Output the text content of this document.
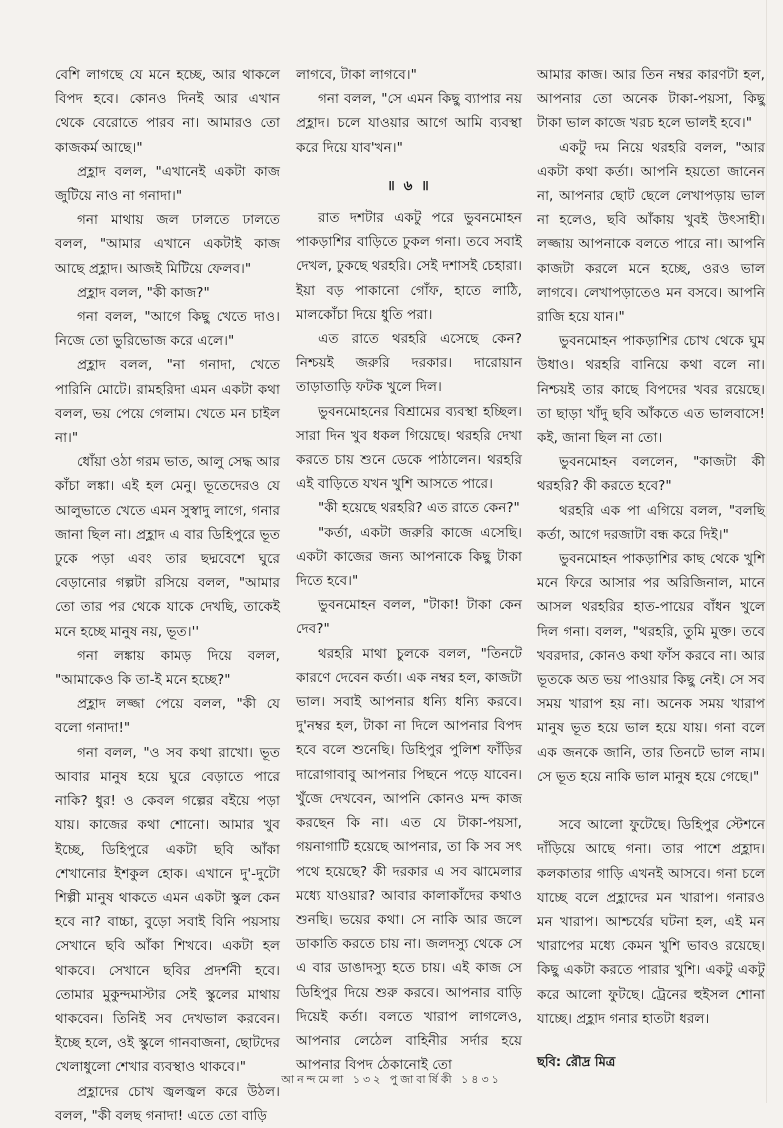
বেশি লাগছে যে মনে হচ্ছে, আর থাকলে বিপদ হবে। কোনও দিনই আর এখান থেকে বেরোতে পারব না। আমারও তো কাজকর্ম আছে।"

প্রহ্লাদ বলল, "এখানেই একটা কাজ জুটিয়ে নাও না গনাদা।"

গনা মাথায় জল ঢালতে ঢালতে বলল, "আমার এখানে একটাই কাজ আছে প্রহ্লাদ। আজই মিটিয়ে ফেলব।"

প্রহ্লাদ বলল, "কী কাজ?"

গনা বলল, "আগে কিছু খেতে দাও। নিজে তো ভুরিভোজ করে এলে।"

প্রহ্লাদ বলল, "না গনাদা, খেতে পারিনি মোটে। রামহরিদা এমন একটা কথা বলল, ভয় পেয়ে গেলাম। খেতে মন চাইল না।"

ধোঁয়া ওঠা গরম ভাত, আলু সেদ্ধ আর কাঁচা লঙ্কা। এই হল মেনু। ভূতেদেরও যে আলুভাতে খেতে এমন সুস্বাদু লাগে, গনার জানা ছিল না। প্রহ্লাদ এ বার ডিহিপুরে ভূত ঢুকে পড়া এবং তার ছদ্মবেশে ঘুরে বেড়ানোর গল্পটা রসিয়ে বলল, "আমার তো তার পর থেকে যাকে দেখছি, তাকেই মনে হচ্ছে মানুষ নয়, ভূত।''

গনা লঙ্কায় কামড় দিয়ে বলল, "আমাকেও কি তা-ই মনে হচ্ছে?"

প্রহ্লাদ লজ্জা পেয়ে বলল, "কী যে বলো গনাদা!"

গনা বলল, "ও সব কথা রাখো। ভূত আবার মানুষ হয়ে ঘুরে বেড়াতে পারে নাকি? ধুর! ও কেবল গল্পের বইয়ে পড়া যায়। কাজের কথা শোনো। আমার খুব ইচ্ছে, ডিহিপুরে একটা ছবি আঁকা শেখানোর ইশকুল হোক। এখানে দু'-দুটো শিল্পী মানুষ থাকতে এমন একটা স্কুল কেন হবে না? বাচ্চা, বুড়ো সবাই বিনি পয়সায় সেখানে ছবি আঁকা শিখবে। একটা হল থাকবে। সেখানে ছবির প্রদর্শনী হবে। তোমার মুকুন্দমাস্টার সেই স্কুলের মাথায় থাকবেন। তিনিই সব দেখভাল করবেন। ইচ্ছে হলে, ওই স্কুলে গানবাজনা, ছোটদের খেলাধুলো শেখার ব্যবস্থাও থাকবে।"

প্রহ্লাদের চোখ জ্বলজ্বল করে উঠল। বলল, "কী বলছ গনাদা! এতে তো বাড়ি

লাগবে, টাকা লাগবে।"

গনা বলল, "সে এমন কিছু ব্যাপার নয় প্রহ্লাদ। চলে যাওয়ার আগে আমি ব্যবস্থা করে দিয়ে যাব'খন।"

॥ ৬ ॥

রাত দশটার একটু পরে ভুবনমোহন পাকড়াশির বাড়িতে ঢুকল গনা। তবে সবাই দেখল, ঢুকছে থরহরি। সেই দশাসই চেহারা। ইয়া বড় পাকানো গোঁফ, হাতে লাঠি, মালকোঁচা দিয়ে ধুতি পরা।

এত রাতে থরহরি এসেছে কেন? নিশ্চয়ই জরুরি দরকার। দারোয়ান তাড়াতাড়ি ফটক খুলে দিল।

ভুবনমোহনের বিশ্রামের ব্যবস্থা হচ্ছিল। সারা দিন খুব ধকল গিয়েছে। থরহরি দেখা করতে চায় শুনে ডেকে পাঠালেন। থরহরি এই বাড়িতে যখন খুশি আসতে পারে।

"কী হয়েছে থরহরি? এত রাতে কেন?"

"কর্তা, একটা জরুরি কাজে এসেছি। একটা কাজের জন্য আপনাকে কিছু টাকা দিতে হবে।"

ভুবনমোহন বলল, "টাকা! টাকা কেন দেব?"

থরহরি মাথা চুলকে বলল, "তিনটে কারণে দেবেন কর্তা। এক নম্বর হল, কাজটা ভাল। সবাই আপনার ধন্যি ধন্যি করবে। দু'নম্বর হল, টাকা না দিলে আপনার বিপদ হবে বলে শুনেছি। ডিহিপুর পুলিশ ফাঁড়ির দারোগাবাবু আপনার পিছনে পড়ে যাবেন। খুঁজে দেখবেন, আপনি কোনও মন্দ কাজ করছেন কি না। এত যে টাকা-পয়সা, গয়নাগাটি হয়েছে আপনার, তা কি সব সৎ পথে হয়েছে? কী দরকার এ সব ঝামেলার মধ্যে যাওয়ার? আবার কালাকাঁদের কথাও শুনছি। ভয়ের কথা। সে নাকি আর জলে ডাকাতি করতে চায় না। জলদস্যু থেকে সে এ বার ডাঙাদস্যু হতে চায়। এই কাজ সে ডিহিপুর দিয়ে শুরু করবে। আপনার বাড়ি দিয়েই কর্তা। বলতে খারাপ লাগলেও, আপনার লেঠেল বাহিনীর সর্দার হয়ে আপনার বিপদ ঠেকানোই তো

আমার কাজ। আর তিন নম্বর কারণটা হল, আপনার তো অনেক টাকা-পয়সা, কিছু টাকা ভাল কাজে খরচ হলে ভালই হবে।"

একটু দম নিয়ে থরহরি বলল, "আর একটা কথা কর্তা। আপনি হয়তো জানেন না, আপনার ছোট ছেলে লেখাপড়ায় ভাল না হলেও, ছবি আঁকায় খুবই উৎসাহী। লজ্জায় আপনাকে বলতে পারে না। আপনি কাজটা করলে মনে হচ্ছে, ওরও ভাল লাগবে। লেখাপড়াতেও মন বসবে। আপনি রাজি হয়ে যান।"

ভুবনমোহন পাকড়াশির চোখ থেকে ঘুম উধাও। থরহরি বানিয়ে কথা বলে না। নিশ্চয়ই তার কাছে বিপদের খবর রয়েছে। তা ছাড়া খাঁদু ছবি আঁকতে এত ভালবাসে! কই, জানা ছিল না তো।

ভুবনমোহন বললেন, "কাজটা কী থরহরি? কী করতে হবে?"

থরহরি এক পা এগিয়ে বলল, "বলছি কর্তা, আগে দরজাটা বন্ধ করে দিই।"

ভুবনমোহন পাকড়াশির কাছ থেকে খুশি মনে ফিরে আসার পর অরিজিনাল, মানে আসল থরহরির হাত-পায়ের বাঁধন খুলে দিল গনা। বলল, "থরহরি, তুমি মুক্ত। তবে খবরদার, কোনও কথা ফাঁস করবে না। আর ভূতকে অত ভয় পাওয়ার কিছু নেই। সে সব সময় খারাপ হয় না। অনেক সময় খারাপ মানুষ ভূত হয়ে ভাল হয়ে যায়। গনা বলে এক জনকে জানি, তার তিনটে ভাল নাম। সে ভূত হয়ে নাকি ভাল মানুষ হয়ে গেছে।"

সবে আলো ফুটেছে। ডিহিপুর স্টেশনে দাঁড়িয়ে আছে গনা। তার পাশে প্রহ্লাদ। কলকাতার গাড়ি এখনই আসবে। গনা চলে যাচ্ছে বলে প্রহ্লাদের মন খারাপ। গনারও মন খারাপ। আশ্চর্যের ঘটনা হল, এই মন খারাপের মধ্যে কেমন খুশি ভাবও রয়েছে। কিছু একটা করতে পারার খুশি। একটু একটু করে আলো ফুটছে। ট্রেনের হুইসল শোনা যাচ্ছে। প্রহ্লাদ গনার হাতটা ধরল।

ছবি: রৌদ্র মিত্র
আনন্দমেলা ১৩২ পুজাবার্ষিকী ১৪৩১
